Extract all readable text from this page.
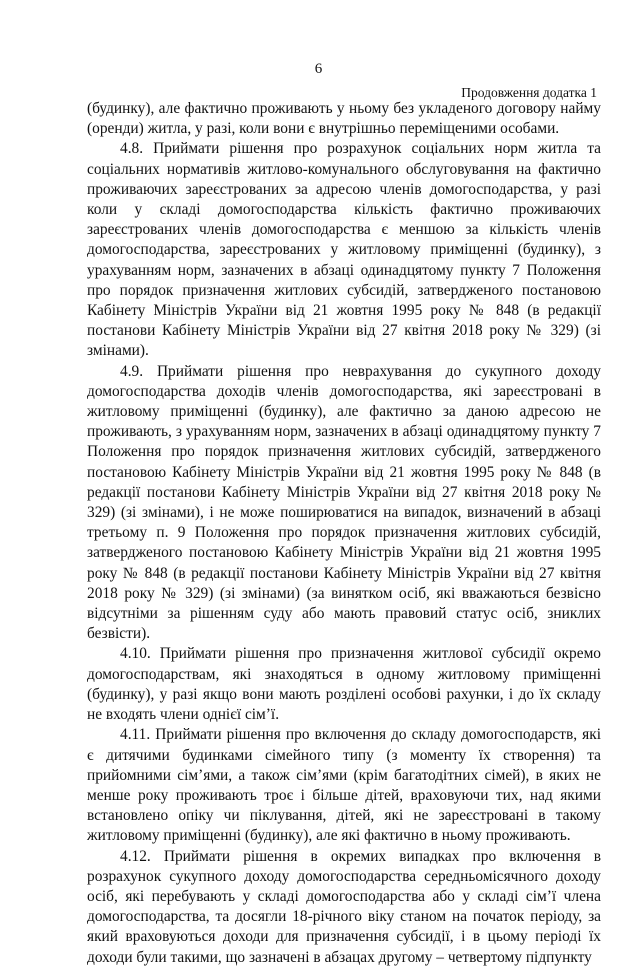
6
Продовження додатка 1

(будинку), але фактично проживають у ньому без укладеного договору найму (оренди) житла, у разі, коли вони є внутрішньо переміщеними особами.

4.8. Приймати рішення про розрахунок соціальних норм житла та соціальних нормативів житлово-комунального обслуговування на фактично проживаючих зареєстрованих за адресою членів домогосподарства, у разі коли у складі домогосподарства кількість фактично проживаючих зареєстрованих членів домогосподарства є меншою за кількість членів домогосподарства, зареєстрованих у житловому приміщенні (будинку), з урахуванням норм, зазначених в абзаці одинадцятому пункту 7 Положення про порядок призначення житлових субсидій, затвердженого постановою Кабінету Міністрів України від 21 жовтня 1995 року № 848 (в редакції постанови Кабінету Міністрів України від 27 квітня 2018 року № 329) (зі змінами).

4.9. Приймати рішення про неврахування до сукупного доходу домогосподарства доходів членів домогосподарства, які зареєстровані в житловому приміщенні (будинку), але фактично за даною адресою не проживають, з урахуванням норм, зазначених в абзаці одинадцятому пункту 7 Положення про порядок призначення житлових субсидій, затвердженого постановою Кабінету Міністрів України від 21 жовтня 1995 року № 848 (в редакції постанови Кабінету Міністрів України від 27 квітня 2018 року № 329) (зі змінами), і не може поширюватися на випадок, визначений в абзаці третьому п. 9 Положення про порядок призначення житлових субсидій, затвердженого постановою Кабінету Міністрів України від 21 жовтня 1995 року № 848 (в редакції постанови Кабінету Міністрів України від 27 квітня 2018 року № 329) (зі змінами) (за винятком осіб, які вважаються безвісно відсутніми за рішенням суду або мають правовий статус осіб, зниклих безвісти).

4.10. Приймати рішення про призначення житлової субсидії окремо домогосподарствам, які знаходяться в одному житловому приміщенні (будинку), у разі якщо вони мають розділені особові рахунки, і до їх складу не входять члени однієї сім’ї.

4.11. Приймати рішення про включення до складу домогосподарств, які є дитячими будинками сімейного типу (з моменту їх створення) та прийомними сім’ями, а також сім’ями (крім багатодітних сімей), в яких не менше року проживають троє і більше дітей, враховуючи тих, над якими встановлено опіку чи піклування, дітей, які не зареєстровані в такому житловому приміщенні (будинку), але які фактично в ньому проживають.

4.12. Приймати рішення в окремих випадках про включення в розрахунок сукупного доходу домогосподарства середньомісячного доходу осіб, які перебувають у складі домогосподарства або у складі сім’ї члена домогосподарства, та досягли 18-річного віку станом на початок періоду, за який враховуються доходи для призначення субсидії, і в цьому періоді їх доходи були такими, що зазначені в абзацах другому – четвертому підпункту
